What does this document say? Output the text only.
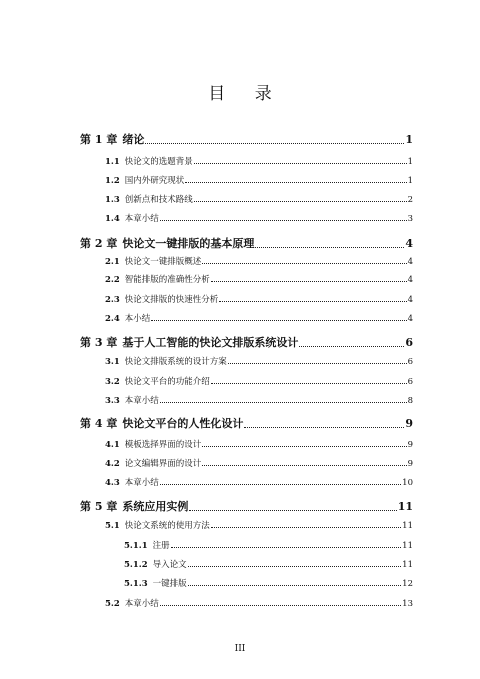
目 录
第 1 章 绪论	1
1.1 快论文的选题背景	1
1.2 国内外研究现状	1
1.3 创新点和技术路线	2
1.4 本章小结	3
第 2 章 快论文一键排版的基本原理	4
2.1 快论文一键排版概述	4
2.2 智能排版的准确性分析	4
2.3 快论文排版的快速性分析	4
2.4 本小结	4
第 3 章 基于人工智能的快论文排版系统设计	6
3.1 快论文排版系统的设计方案	6
3.2 快论文平台的功能介绍	6
3.3 本章小结	8
第 4 章 快论文平台的人性化设计	9
4.1 模板选择界面的设计	9
4.2 论文编辑界面的设计	9
4.3 本章小结	10
第 5 章 系统应用实例	11
5.1 快论文系统的使用方法	11
5.1.1 注册	11
5.1.2 导入论文	11
5.1.3 一键排版	12
5.2 本章小结	13
III
